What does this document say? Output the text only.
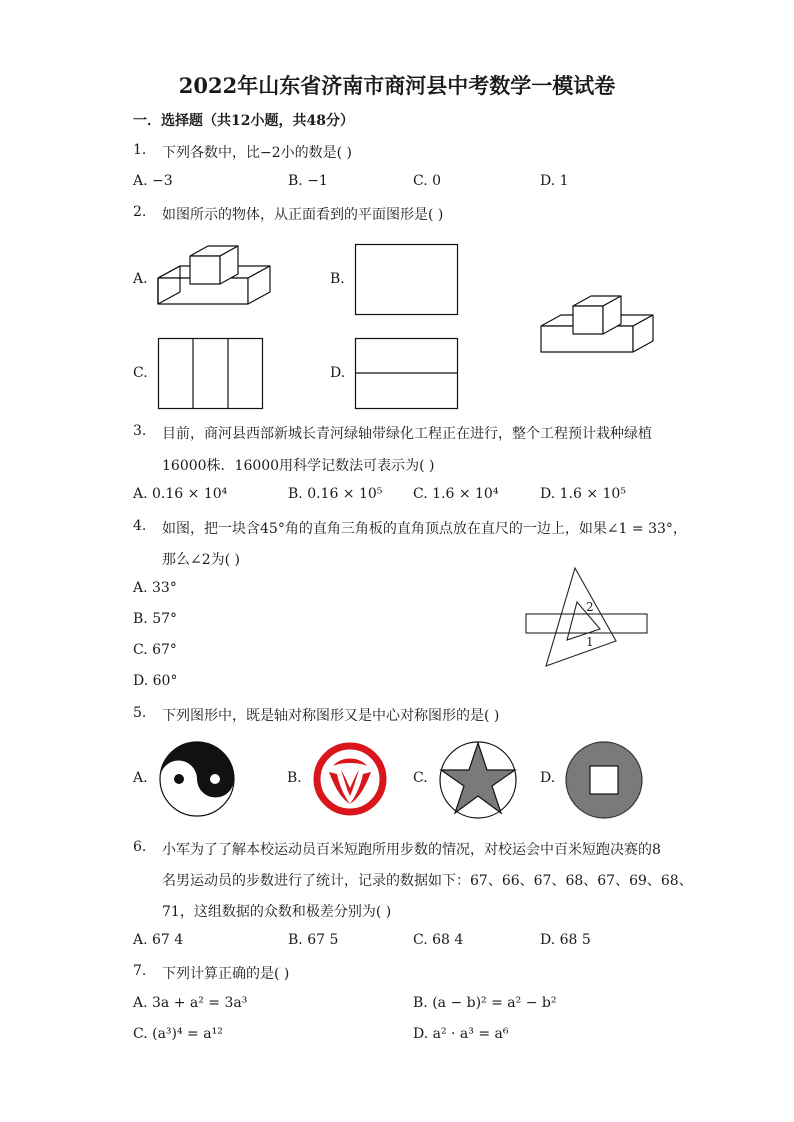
2022年山东省济南市商河县中考数学一模试卷
一．选择题（共12小题，共48分）
1. 下列各数中，比−2小的数是( )
A. −3	B. −1	C. 0	D. 1
2. 如图所示的物体，从正面看到的平面图形是( )
A.	B.
C.	D.
3. 目前，商河县西部新城长青河绿轴带绿化工程正在进行，整个工程预计栽种绿植
16000株．16000用科学记数法可表示为( )
A. 0.16 × 10⁴	B. 0.16 × 10⁵ C. 1.6 × 10⁴	D. 1.6 × 10⁵
4. 如图，把一块含45°角的直角三角板的直角顶点放在直尺的一边上，如果∠1 = 33°，
那么∠2为( )
A. 33°
B. 57°
C. 67°
D. 60°
2
1
5. 下列图形中，既是轴对称图形又是中心对称图形的是( )
A.	B.	C.	D.
6. 小军为了了解本校运动员百米短跑所用步数的情况，对校运会中百米短跑决赛的8
名男运动员的步数进行了统计，记录的数据如下：67、66、67、68、67、69、68、
71，这组数据的众数和极差分别为( )
A. 67 4	B. 67 5	C. 68 4	D. 68 5
7. 下列计算正确的是( )
A. 3a + a² = 3a³	B. (a − b)² = a² − b²
C. (a³)⁴ = a¹²	D. a² · a³ = a⁶
